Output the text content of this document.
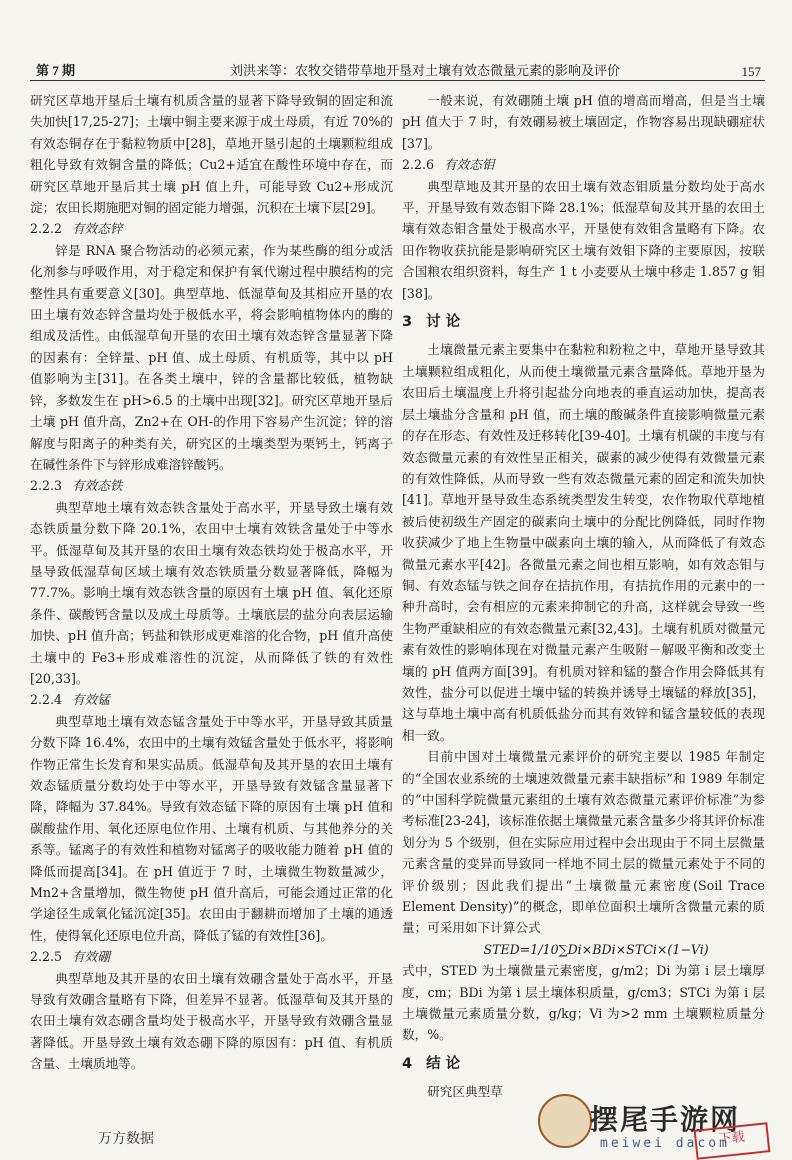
第 7 期	刘洪来等：农牧交错带草地开垦对土壤有效态微量元素的影响及评价	157

研究区草地开垦后土壤有机质含量的显著下降导致铜的固定和流失加快[17,25-27]；土壤中铜主要来源于成土母质，有近 70%的有效态铜存在于黏粒物质中[28]，草地开垦引起的土壤颗粒组成粗化导致有效铜含量的降低；Cu2+适宜在酸性环境中存在，而研究区草地开垦后其土壤 pH 值上升，可能导致 Cu2+形成沉淀；农田长期施肥对铜的固定能力增强，沉积在土壤下层[29]。

2.2.2 有效态锌

锌是 RNA 聚合物活动的必须元素，作为某些酶的组分或活化剂参与呼吸作用，对于稳定和保护有氧代谢过程中膜结构的完整性具有重要意义[30]。典型草地、低湿草甸及其相应开垦的农田土壤有效态锌含量均处于极低水平，将会影响植物体内的酶的组成及活性。由低湿草甸开垦的农田土壤有效态锌含量显著下降的因素有：全锌量、pH 值、成土母质、有机质等，其中以 pH 值影响为主[31]。在各类土壤中，锌的含量都比较低，植物缺锌，多数发生在 pH>6.5 的土壤中出现[32]。研究区草地开垦后土壤 pH 值升高，Zn2+在 OH-的作用下容易产生沉淀；锌的溶解度与阳离子的种类有关，研究区的土壤类型为栗钙土，钙离子在碱性条件下与锌形成难溶锌酸钙。

2.2.3 有效态铁

典型草地土壤有效态铁含量处于高水平，开垦导致土壤有效态铁质量分数下降 20.1%，农田中土壤有效铁含量处于中等水平。低湿草甸及其开垦的农田土壤有效态铁均处于极高水平，开垦导致低湿草甸区域土壤有效态铁质量分数显著降低，降幅为 77.7%。影响土壤有效态铁含量的原因有土壤 pH 值、氧化还原条件、碳酸钙含量以及成土母质等。土壤底层的盐分向表层运输加快、pH 值升高；钙盐和铁形成更难溶的化合物，pH 值升高使土壤中的 Fe3+形成难溶性的沉淀，从而降低了铁的有效性[20,33]。

2.2.4 有效锰

典型草地土壤有效态锰含量处于中等水平，开垦导致其质量分数下降 16.4%，农田中的土壤有效锰含量处于低水平，将影响作物正常生长发育和果实品质。低湿草甸及其开垦的农田土壤有效态锰质量分数均处于中等水平，开垦导致有效锰含量显著下降，降幅为 37.84%。导致有效态锰下降的原因有土壤 pH 值和碳酸盐作用、氧化还原电位作用、土壤有机质、与其他养分的关系等。锰离子的有效性和植物对锰离子的吸收能力随着 pH 值的降低而提高[34]。在 pH 值近于 7 时，土壤微生物数量减少，Mn2+含量增加，微生物使 pH 值升高后，可能会通过正常的化学途径生成氧化锰沉淀[35]。农田由于翻耕而增加了土壤的通透性，使得氧化还原电位升高，降低了锰的有效性[36]。

2.2.5 有效硼

典型草地及其开垦的农田土壤有效硼含量处于高水平，开垦导致有效硼含量略有下降，但差异不显著。低湿草甸及其开垦的农田土壤有效态硼含量均处于极高水平，开垦导致有效硼含量显著降低。开垦导致土壤有效态硼下降的原因有：pH 值、有机质含量、土壤质地等。

一般来说，有效硼随土壤 pH 值的增高而增高，但是当土壤 pH 值大于 7 时，有效硼易被土壤固定，作物容易出现缺硼症状[37]。

2.2.6 有效态钼

典型草地及其开垦的农田土壤有效态钼质量分数均处于高水平，开垦导致有效态钼下降 28.1%；低湿草甸及其开垦的农田土壤有效态钼含量处于极高水平，开垦使有效钼含量略有下降。农田作物收获抗能是影响研究区土壤有效钼下降的主要原因，按联合国粮农组织资料，每生产 1 t 小麦要从土壤中移走 1.857 g 钼[38]。

3 讨 论

土壤微量元素主要集中在黏粒和粉粒之中，草地开垦导致其土壤颗粒组成粗化，从而使土壤微量元素含量降低。草地开垦为农田后土壤温度上升将引起盐分向地表的垂直运动加快，提高表层土壤盐分含量和 pH 值，而土壤的酸碱条件直接影响微量元素的存在形态、有效性及迁移转化[39-40]。土壤有机碳的丰度与有效态微量元素的有效性呈正相关，碳素的减少使得有效微量元素的有效性降低，从而导致一些有效态微量元素的固定和流失加快[41]。草地开垦导致生态系统类型发生转变，农作物取代草地植被后使初级生产固定的碳素向土壤中的分配比例降低，同时作物收获减少了地上生物量中碳素向土壤的输入，从而降低了有效态微量元素水平[42]。各微量元素之间也相互影响，如有效态钼与铜、有效态锰与铁之间存在拮抗作用，有拮抗作用的元素中的一种升高时，会有相应的元素来抑制它的升高，这样就会导致一些生物严重缺相应的有效态微量元素[32,43]。土壤有机质对微量元素有效性的影响体现在对微量元素产生吸附－解吸平衡和改变土壤的 pH 值两方面[39]。有机质对锌和锰的螯合作用会降低其有效性，盐分可以促进土壤中锰的转换并诱导土壤锰的释放[35]，这与草地土壤中高有机质低盐分而其有效锌和锰含量较低的表现相一致。

目前中国对土壤微量元素评价的研究主要以 1985 年制定的“全国农业系统的土壤速效微量元素丰缺指标”和 1989 年制定的“中国科学院微量元素组的土壤有效态微量元素评价标准”为参考标准[23-24]，该标准依据土壤微量元素含量多少将其评价标准划分为 5 个级别，但在实际应用过程中会出现由于不同土层微量元素含量的变异而导致同一样地不同土层的微量元素处于不同的评价级别；因此我们提出“土壤微量元素密度(Soil Trace Element Density)”的概念，即单位面积土壤所含微量元素的质量；可采用如下计算公式

STED=1/10∑Di×BDi×STCi×(1−Vi)

式中，STED 为土壤微量元素密度，g/m2；Di 为第 i 层土壤厚度，cm；BDi 为第 i 层土壤体积质量，g/cm3；STCi 为第 i 层土壤微量元素质量分数，g/kg；Vi 为>2 mm 土壤颗粒质量分数，%。

4 结 论

研究区典型草

万方数据
摆尾手游网
meiwei dacom
下载
